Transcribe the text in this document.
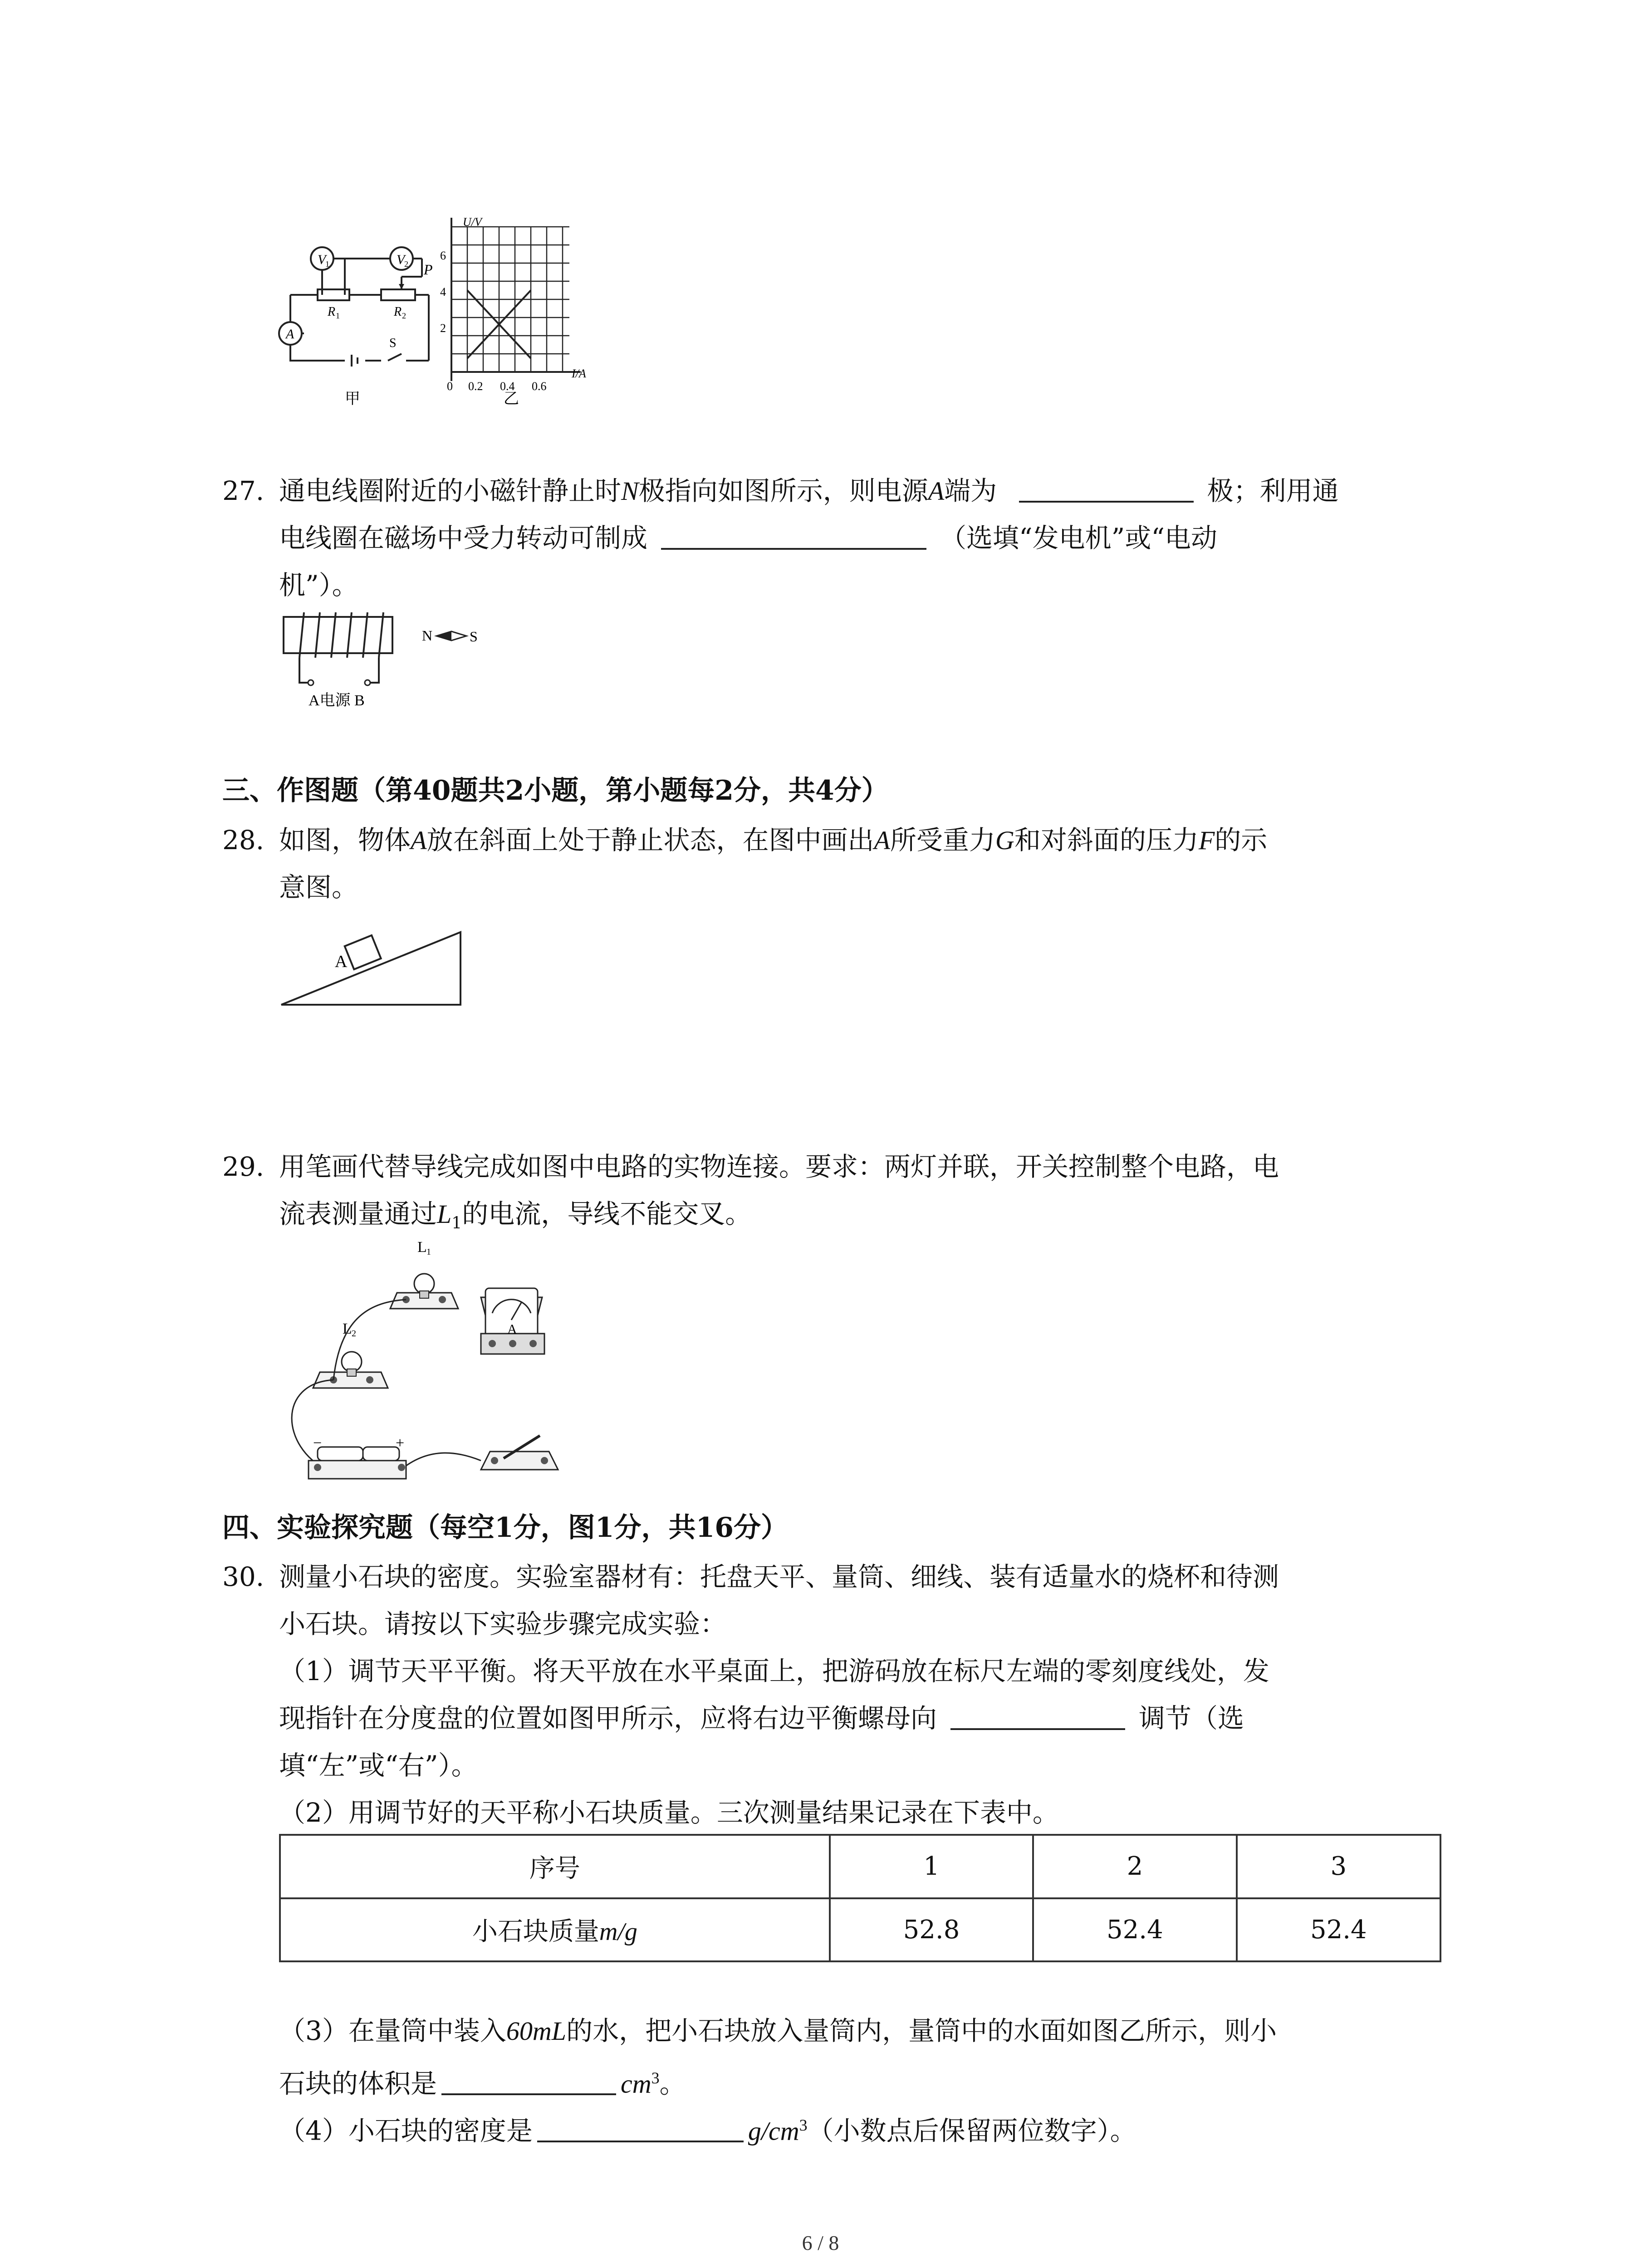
V
1	V
2
A
P
R 1	R 2
S
甲
U/V
I/A
6
4
2
0 0.2 0.4 0.6
乙
27. 通电线圈附近的小磁针静止时N极指向如图所示，则电源A端为	极；利用通
电线圈在磁场中受力转动可制成	（选填“发电机”或“电动
机”）。
A电源 B
N	S
三、作图题（第40题共2小题，第小题每2分，共4分）
28. 如图，物体A放在斜面上处于静止状态，在图中画出A所受重力G和对斜面的压力F的示
意图。
A
29. 用笔画代替导线完成如图中电路的实物连接。要求：两灯并联，开关控制整个电路，电
流表测量通过$L_1$的电流，导线不能交叉。
L 1
L 2	A
−	+
四、实验探究题（每空1分，图1分，共16分）
30. 测量小石块的密度。实验室器材有：托盘天平、量筒、细线、装有适量水的烧杯和待测
小石块。请按以下实验步骤完成实验：
（1）调节天平平衡。将天平放在水平桌面上，把游码放在标尺左端的零刻度线处，发
现指针在分度盘的位置如图甲所示，应将右边平衡螺母向	调节（选
填“左”或“右”）。
（2）用调节好的天平称小石块质量。三次测量结果记录在下表中。
序号	1	2	3
小石块质量m/g	52.8	52.4	52.4
（3）在量筒中装入60mL的水，把小石块放入量筒内，量筒中的水面如图乙所示，则小
石块的体积是	$cm^3$。
（4）小石块的密度是	$g/cm^3$（小数点后保留两位数字）。
6 / 8
